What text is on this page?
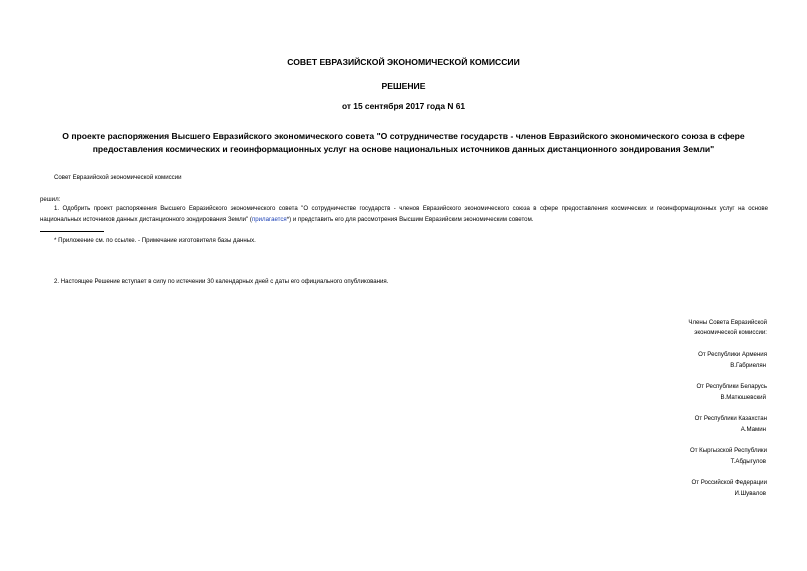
СОВЕТ ЕВРАЗИЙСКОЙ ЭКОНОМИЧЕСКОЙ КОМИССИИ
РЕШЕНИЕ
от 15 сентября 2017 года N 61
О проекте распоряжения Высшего Евразийского экономического совета "О сотрудничестве государств - членов Евразийского экономического союза в сфере предоставления космических и геоинформационных услуг на основе национальных источников данных дистанционного зондирования Земли"
Совет Евразийской экономической комиссии
решил:
1. Одобрить проект распоряжения Высшего Евразийского экономического совета "О сотрудничестве государств - членов Евразийского экономического союза в сфере предоставления космических и геоинформационных услуг на основе национальных источников данных дистанционного зондирования Земли" (прилагается*) и представить его для рассмотрения Высшим Евразийским экономическим советом.
* Приложение см. по ссылке. - Примечание изготовителя базы данных.
2. Настоящее Решение вступает в силу по истечении 30 календарных дней с даты его официального опубликования.
Члены Совета Евразийской
экономической комиссии:
От Республики Армения
В.Габриелян
От Республики Беларусь
В.Матюшевский
От Республики Казахстан
А.Мамин
От Кыргызской Республики
Т.Абдыгулов
От Российской Федерации
И.Шувалов
